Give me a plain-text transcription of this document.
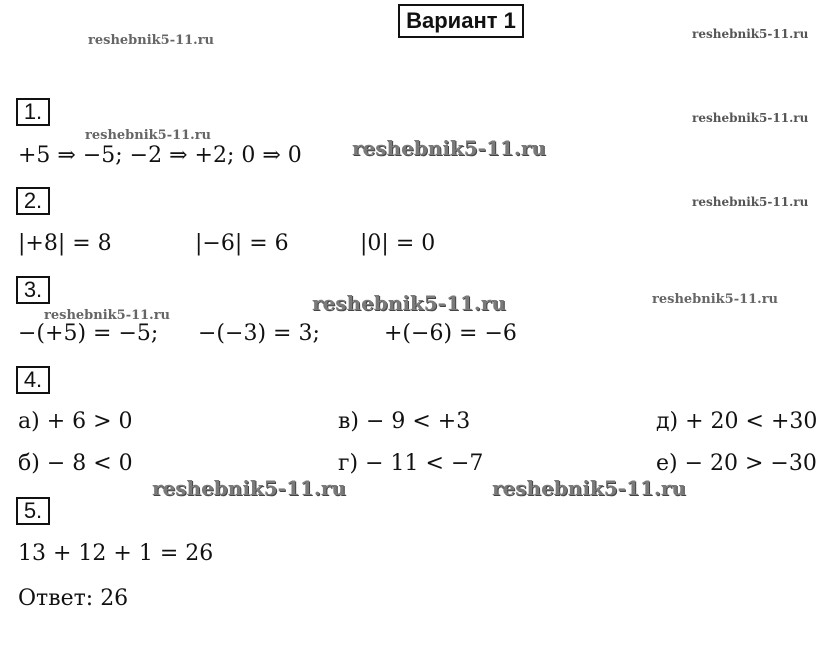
Вариант 1
reshebnik5-11.ru	reshebnik5-11.ru
reshebnik5-11.ru
reshebnik5-11.ru
reshebnik5-11.ru
reshebnik5-11.ru
reshebnik5-11.ru	reshebnik5-11.ru
reshebnik5-11.ru
reshebnik5-11.ru	reshebnik5-11.ru
1.
+5 ⇒ −5; −2 ⇒ +2; 0 ⇒ 0
2.
|+8| = 8	|−6| = 6	|0| = 0
3.
−(+5) = −5; −(−3) = 3;	+(−6) = −6
4.
а) + 6 > 0	в) − 9 < +3	д) + 20 < +30
б) − 8 < 0	г) − 11 < −7	е) − 20 > −30
5.
13 + 12 + 1 = 26
Ответ: 26
